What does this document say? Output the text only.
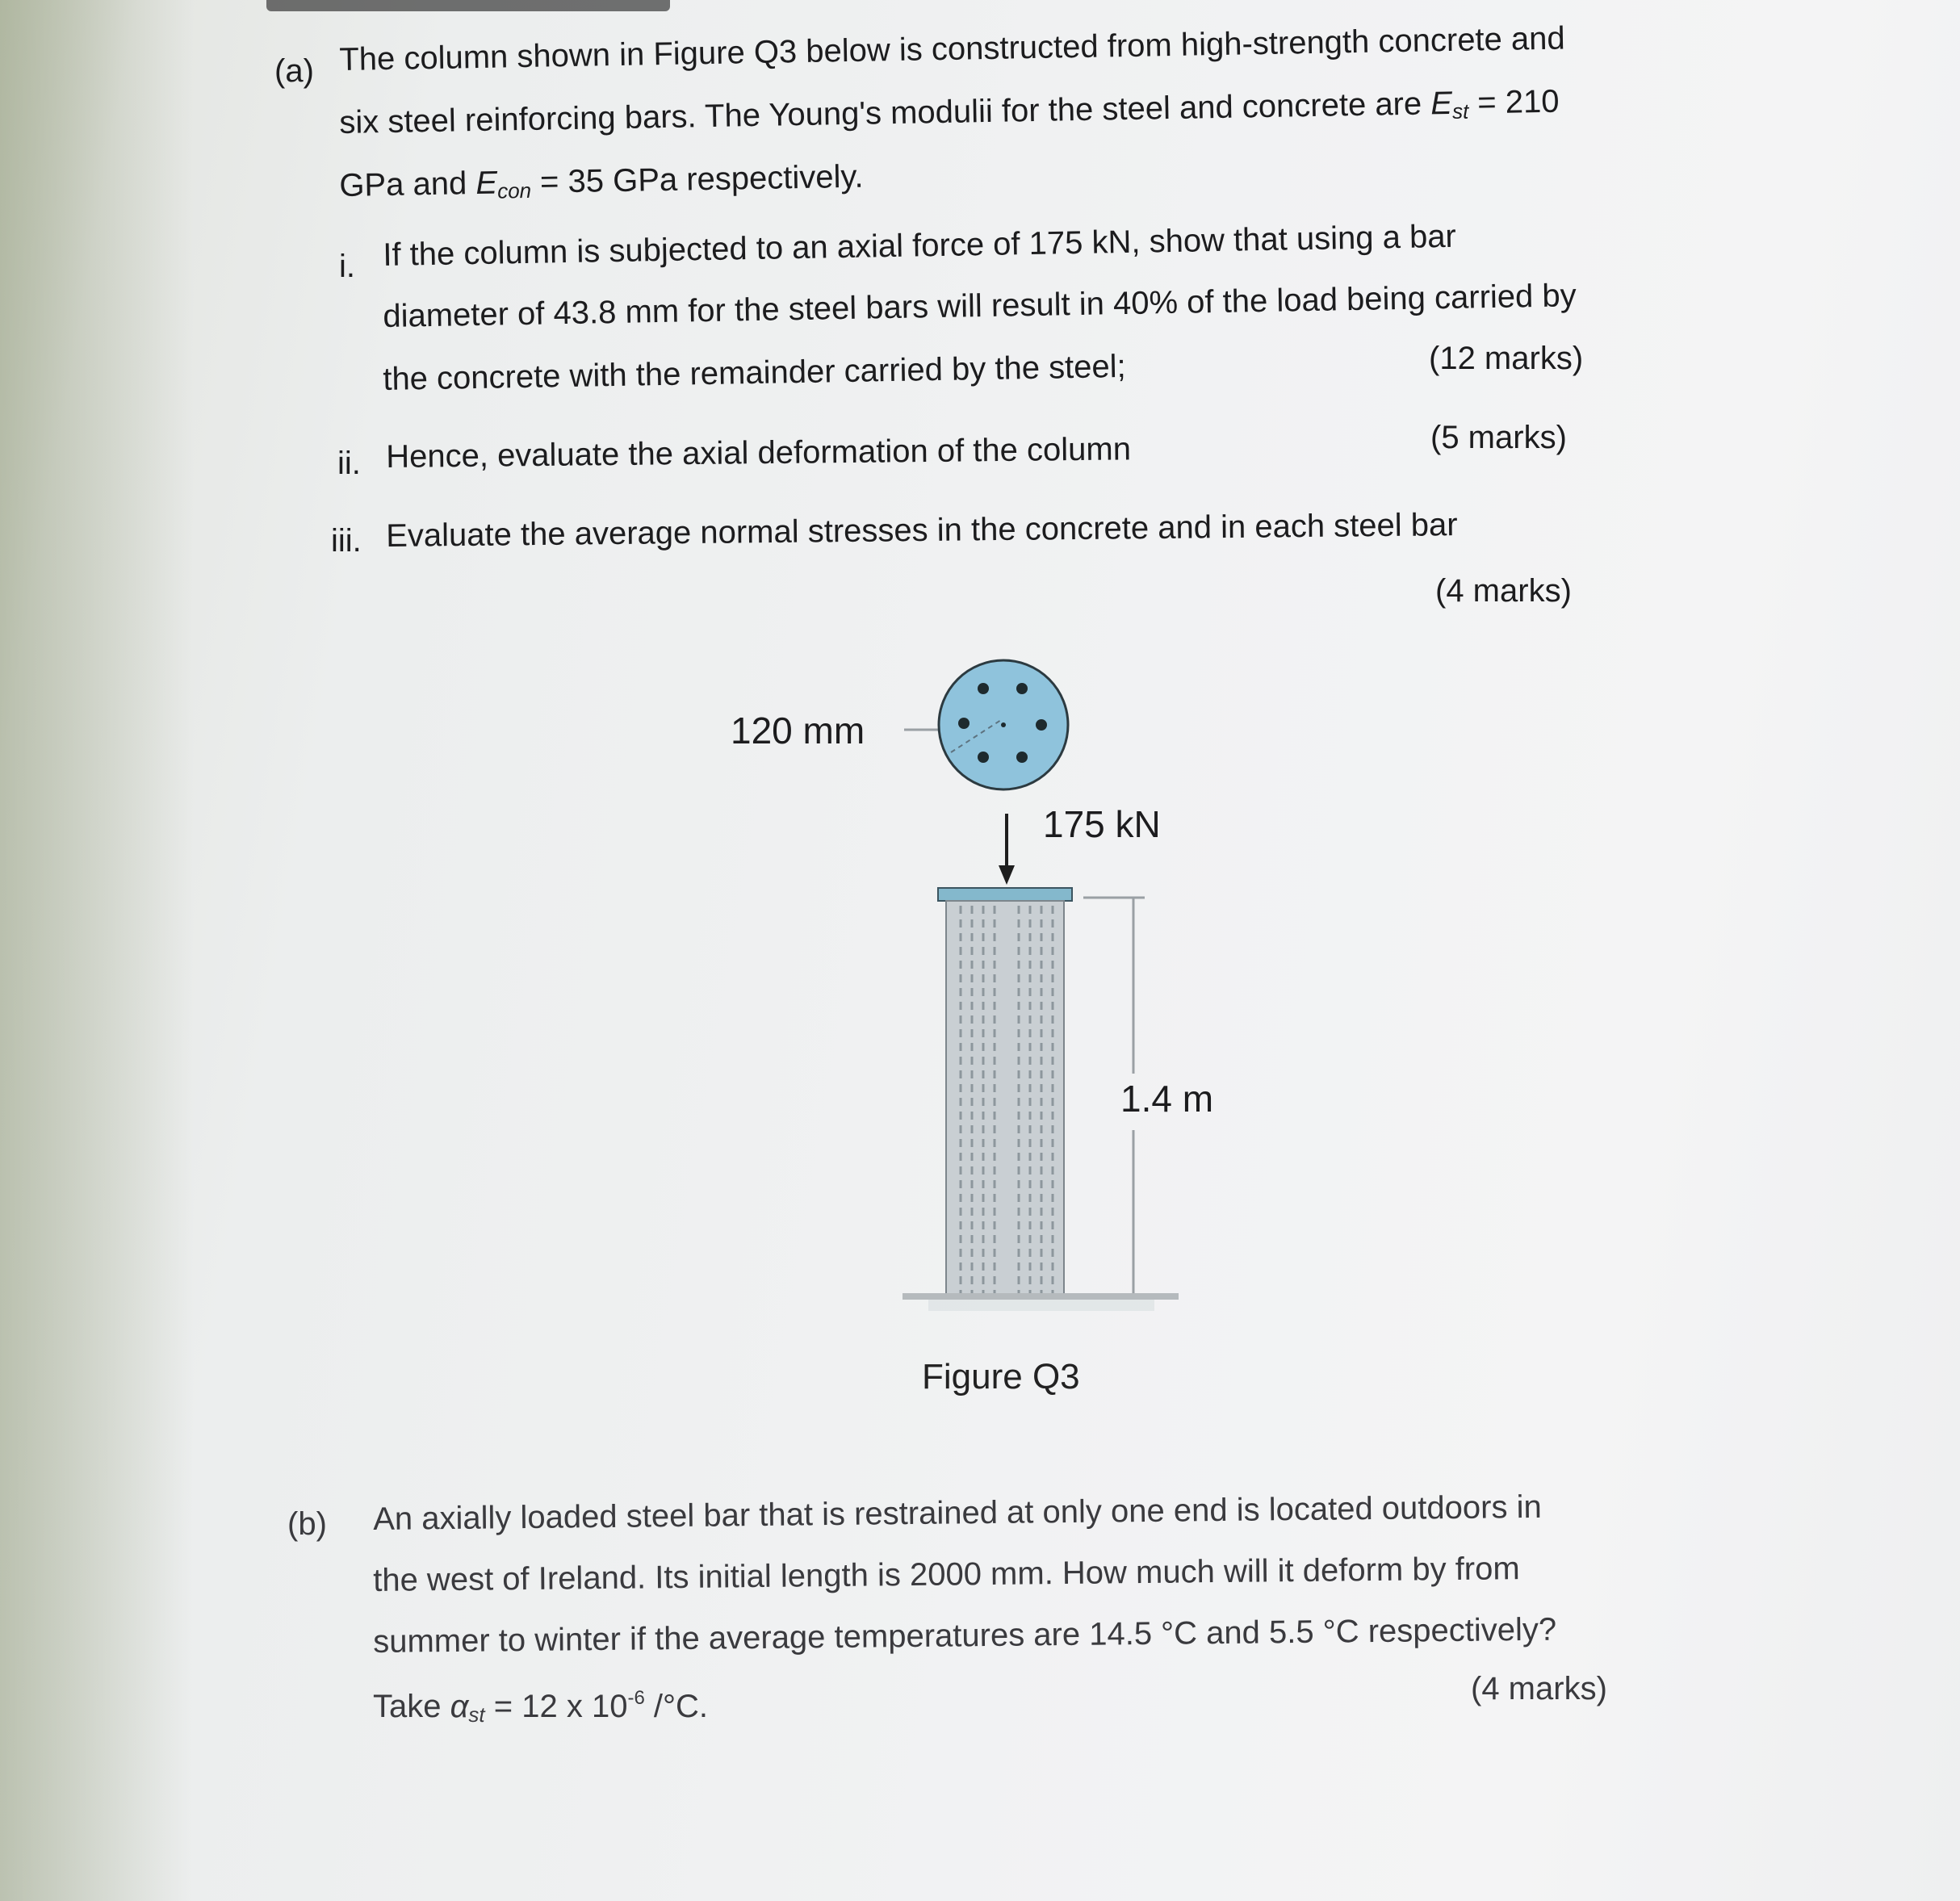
(a) The column shown in Figure Q3 below is constructed from high-strength concrete and
six steel reinforcing bars. The Young's modulii for the steel and concrete are $E_{st} = 210$
GPa and $E_{con} = 35$ GPa respectively.
i. If the column is subjected to an axial force of 175 kN, show that using a bar
diameter of 43.8 mm for the steel bars will result in 40% of the load being carried by
the concrete with the remainder carried by the steel;	(12 marks)
ii. Hence, evaluate the axial deformation of the column	(5 marks)
iii. Evaluate the average normal stresses in the concrete and in each steel bar
(4 marks)
120 mm
175 kN
1.4 m
Figure Q3
(b) An axially loaded steel bar that is restrained at only one end is located outdoors in
the west of Ireland. Its initial length is 2000 mm. How much will it deform by from
summer to winter if the average temperatures are 14.5 °C and 5.5 °C respectively?
Take $\alpha_{st} = 12$ x $10^{-6}$ /°C.	(4 marks)
